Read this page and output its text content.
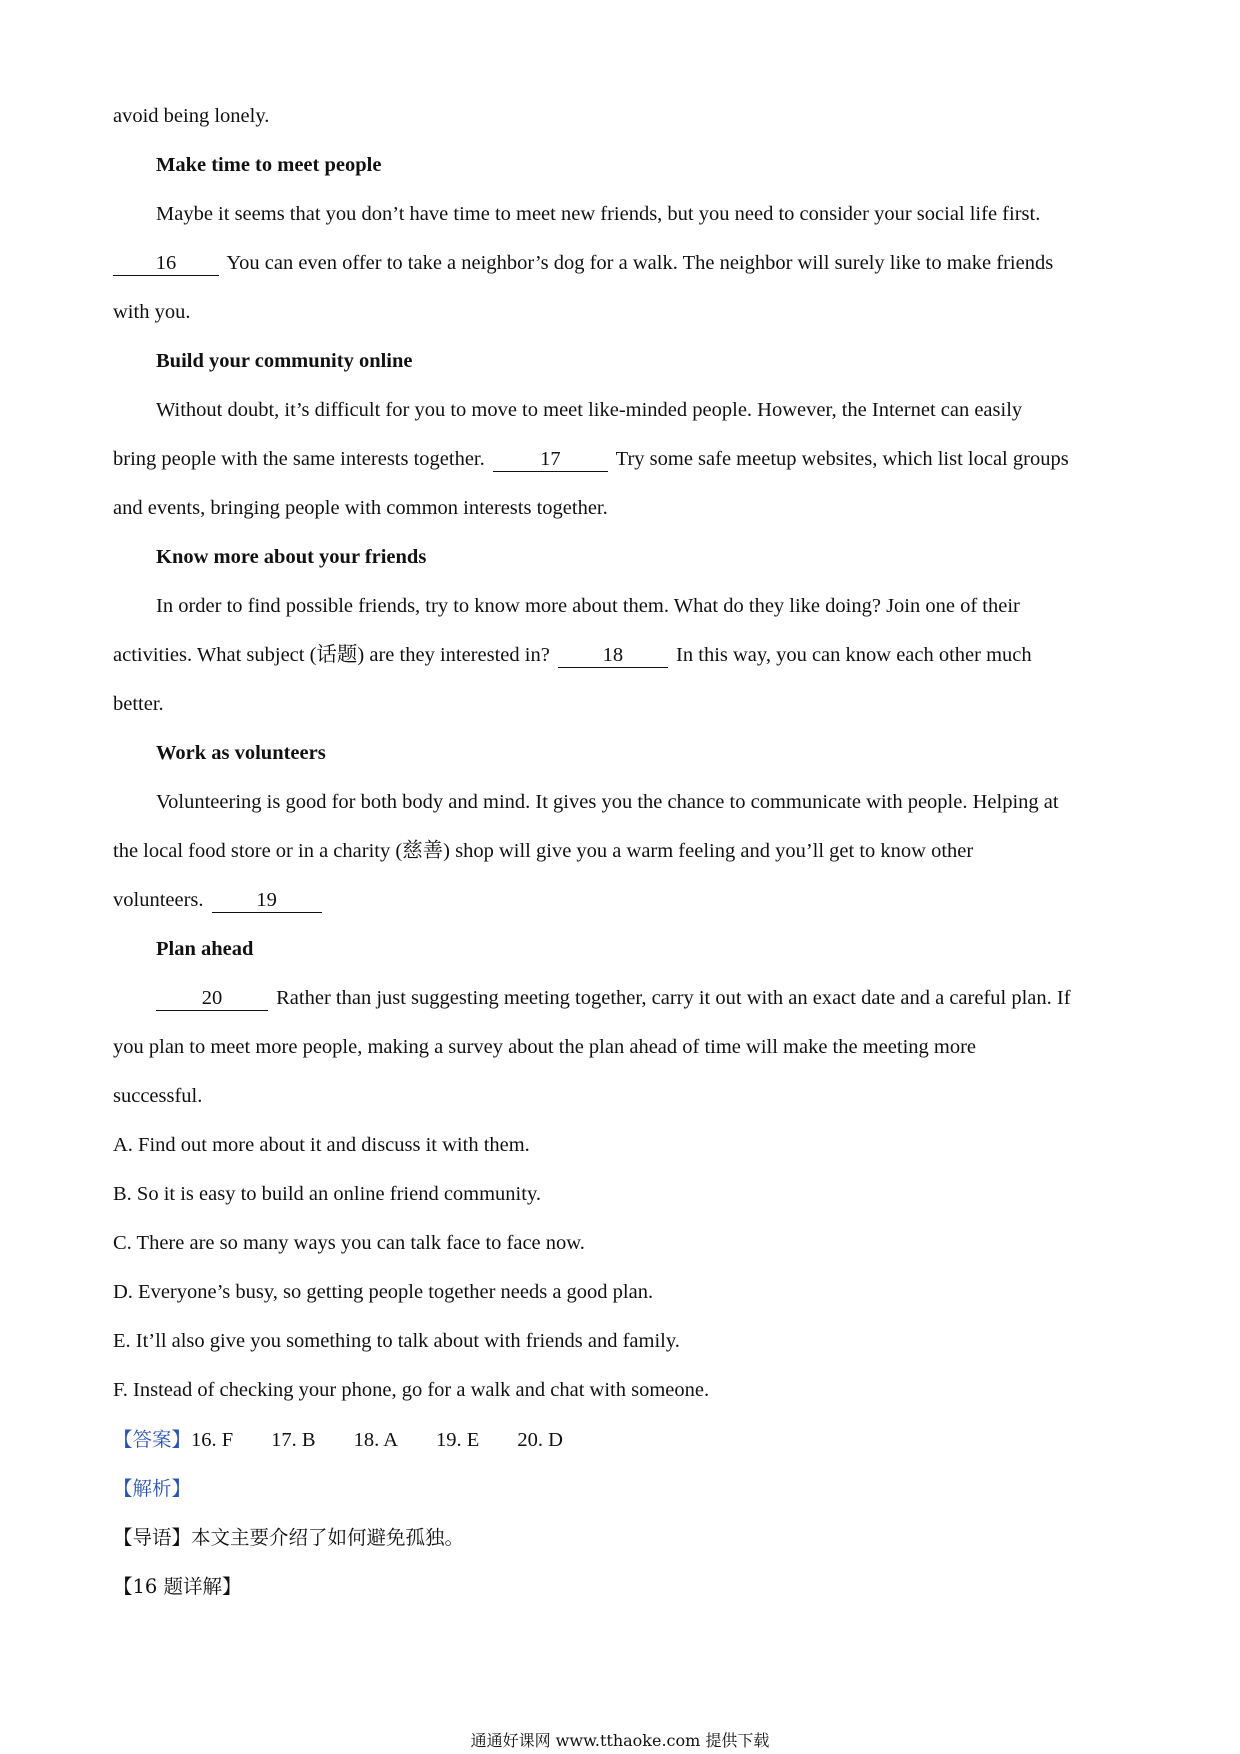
avoid being lonely.
Make time to meet people
Maybe it seems that you don’t have time to meet new friends, but you need to consider your social life first.
16 You can even offer to take a neighbor’s dog for a walk. The neighbor will surely like to make friends
with you.
Build your community online
Without doubt, it’s difficult for you to move to meet like-minded people. However, the Internet can easily
bring people with the same interests together. 17 Try some safe meetup websites, which list local groups
and events, bringing people with common interests together.
Know more about your friends
In order to find possible friends, try to know more about them. What do they like doing? Join one of their
activities. What subject (话题) are they interested in? 18 In this way, you can know each other much
better.
Work as volunteers
Volunteering is good for both body and mind. It gives you the chance to communicate with people. Helping at
the local food store or in a charity (慈善) shop will give you a warm feeling and you’ll get to know other
volunteers. 19
Plan ahead
20 Rather than just suggesting meeting together, carry it out with an exact date and a careful plan. If
you plan to meet more people, making a survey about the plan ahead of time will make the meeting more
successful.
A. Find out more about it and discuss it with them.
B. So it is easy to build an online friend community.
C. There are so many ways you can talk face to face now.
D. Everyone’s busy, so getting people together needs a good plan.
E. It’ll also give you something to talk about with friends and family.
F. Instead of checking your phone, go for a walk and chat with someone.
【答案】16. F 17. B 18. A 19. E 20. D
【解析】
【导语】本文主要介绍了如何避免孤独。
【16 题详解】
通通好课网 www.tthaoke.com 提供下载
